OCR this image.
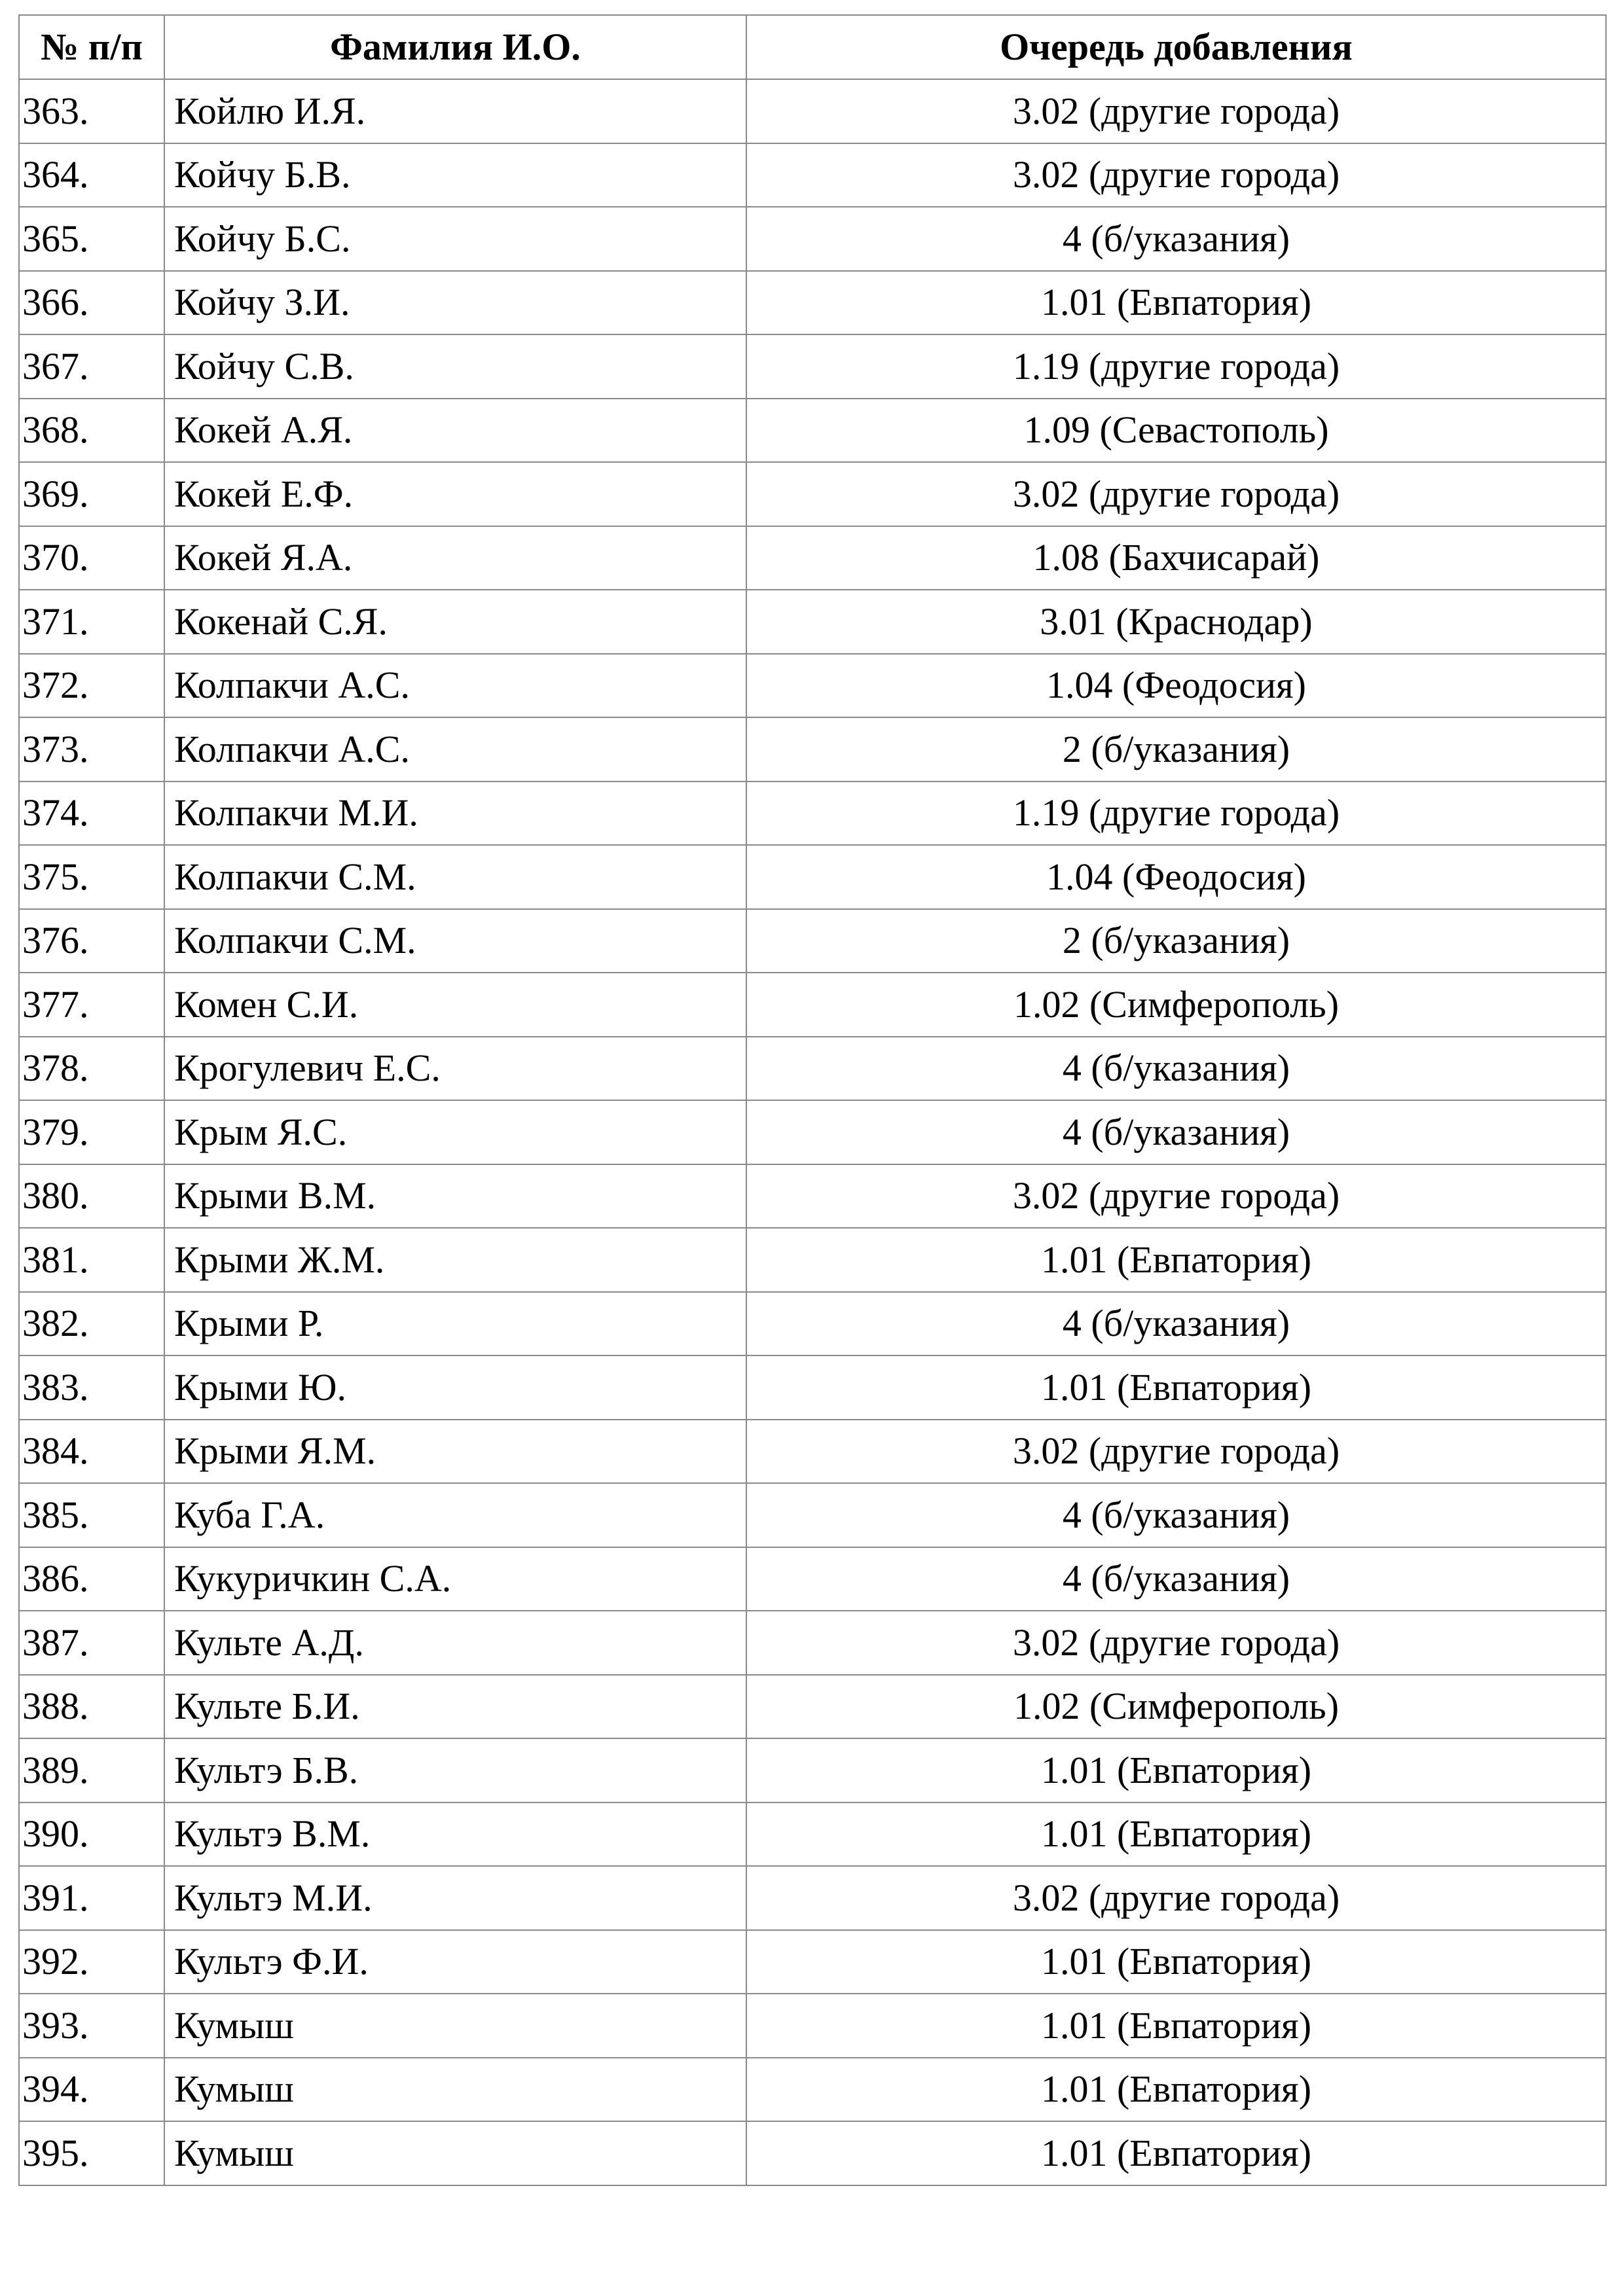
№ п/п	Фамилия И.О.	Очередь добавления
363.	Койлю И.Я.	3.02 (другие города)
364.	Койчу Б.В.	3.02 (другие города)
365.	Койчу Б.С.	4 (б/указания)
366.	Койчу З.И.	1.01 (Евпатория)
367.	Койчу С.В.	1.19 (другие города)
368.	Кокей А.Я.	1.09 (Севастополь)
369.	Кокей Е.Ф.	3.02 (другие города)
370.	Кокей Я.А.	1.08 (Бахчисарай)
371.	Кокенай С.Я.	3.01 (Краснодар)
372.	Колпакчи А.С.	1.04 (Феодосия)
373.	Колпакчи А.С.	2 (б/указания)
374.	Колпакчи М.И.	1.19 (другие города)
375.	Колпакчи С.М.	1.04 (Феодосия)
376.	Колпакчи С.М.	2 (б/указания)
377.	Комен С.И.	1.02 (Симферополь)
378.	Крогулевич Е.С.	4 (б/указания)
379.	Крым Я.С.	4 (б/указания)
380.	Крыми В.М.	3.02 (другие города)
381.	Крыми Ж.М.	1.01 (Евпатория)
382.	Крыми Р.	4 (б/указания)
383.	Крыми Ю.	1.01 (Евпатория)
384.	Крыми Я.М.	3.02 (другие города)
385.	Куба Г.А.	4 (б/указания)
386.	Кукуричкин С.А.	4 (б/указания)
387.	Культе А.Д.	3.02 (другие города)
388.	Культе Б.И.	1.02 (Симферополь)
389.	Культэ Б.В.	1.01 (Евпатория)
390.	Культэ В.М.	1.01 (Евпатория)
391.	Культэ М.И.	3.02 (другие города)
392.	Культэ Ф.И.	1.01 (Евпатория)
393.	Кумыш	1.01 (Евпатория)
394.	Кумыш	1.01 (Евпатория)
395.	Кумыш	1.01 (Евпатория)
